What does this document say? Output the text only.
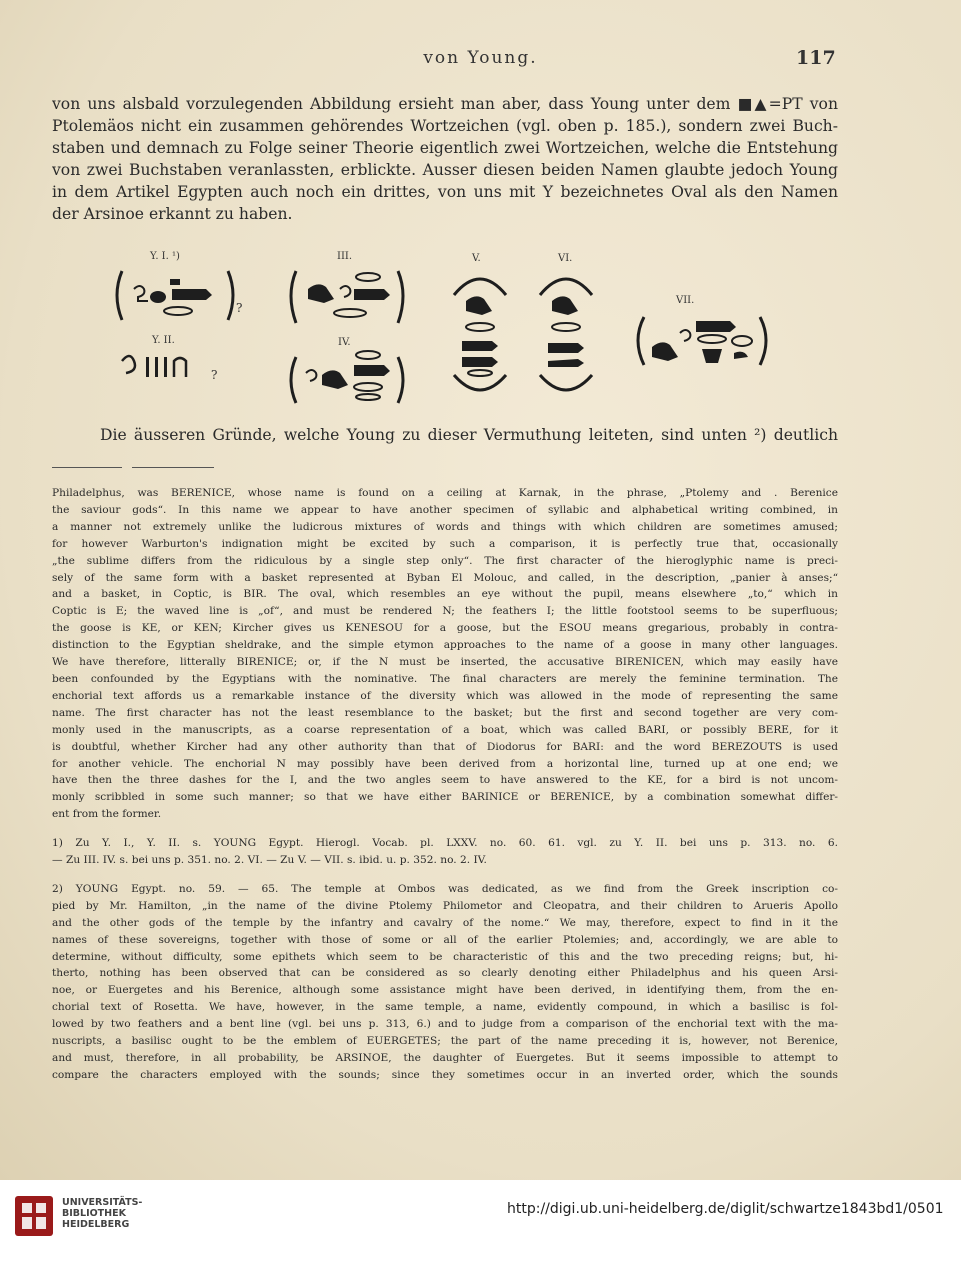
von Young.	117
von uns alsbald vorzulegenden Abbildung ersieht man aber, dass Young unter dem ■▲=PT von
Ptolemäos nicht ein zusammen gehörendes Wortzeichen (vgl. oben p. 185.), sondern zwei Buch-
staben und demnach zu Folge seiner Theorie eigentlich zwei Wortzeichen, welche die Entstehung
von zwei Buchstaben veranlassten, erblickte. Ausser diesen beiden Namen glaubte jedoch Young
in dem Artikel Egypten auch noch ein drittes, von uns mit Y bezeichnetes Oval als den Namen
der Arsinoe erkannt zu haben.
Y. I. ¹)
Y. II.
III.
IV.
V.	VI.
VII.
?
?
Die äusseren Gründe, welche Young zu dieser Vermuthung leiteten, sind unten ²) deutlich
Philadelphus, was BERENICE, whose name is found on a ceiling at Karnak, in the phrase, „Ptolemy and . Berenice
the saviour gods“. In this name we appear to have another specimen of syllabic and alphabetical writing combined, in
a manner not extremely unlike the ludicrous mixtures of words and things with which children are sometimes amused;
for however Warburton's indignation might be excited by such a comparison, it is perfectly true that, occasionally
„the sublime differs from the ridiculous by a single step only“. The first character of the hieroglyphic name is preci-
sely of the same form with a basket represented at Byban El Molouc, and called, in the description, „panier à anses;“
and a basket, in Coptic, is BIR. The oval, which resembles an eye without the pupil, means elsewhere „to,“ which in
Coptic is E; the waved line is „of“, and must be rendered N; the feathers I; the little footstool seems to be superfluous;
the goose is KE, or KEN; Kircher gives us KENESOU for a goose, but the ESOU means gregarious, probably in contra-
distinction to the Egyptian sheldrake, and the simple etymon approaches to the name of a goose in many other languages.
We have therefore, litterally BIRENICE; or, if the N must be inserted, the accusative BIRENICEN, which may easily have
been confounded by the Egyptians with the nominative. The final characters are merely the feminine termination. The
enchorial text affords us a remarkable instance of the diversity which was allowed in the mode of representing the same
name. The first character has not the least resemblance to the basket; but the first and second together are very com-
monly used in the manuscripts, as a coarse representation of a boat, which was called BARI, or possibly BERE, for it
is doubtful, whether Kircher had any other authority than that of Diodorus for BARI: and the word BEREZOUTS is used
for another vehicle. The enchorial N may possibly have been derived from a horizontal line, turned up at one end; we
have then the three dashes for the I, and the two angles seem to have answered to the KE, for a bird is not uncom-
monly scribbled in some such manner; so that we have either BARINICE or BERENICE, by a combination somewhat differ-
ent from the former.
1) Zu Y. I., Y. II. s. YOUNG Egypt. Hierogl. Vocab. pl. LXXV. no. 60. 61. vgl. zu Y. II. bei uns p. 313. no. 6.
— Zu III. IV. s. bei uns p. 351. no. 2. VI. — Zu V. — VII. s. ibid. u. p. 352. no. 2. IV.
2) YOUNG Egypt. no. 59. — 65. The temple at Ombos was dedicated, as we find from the Greek inscription co-
pied by Mr. Hamilton, „in the name of the divine Ptolemy Philometor and Cleopatra, and their children to Arueris Apollo
and the other gods of the temple by the infantry and cavalry of the nome.“ We may, therefore, expect to find in it the
names of these sovereigns, together with those of some or all of the earlier Ptolemies; and, accordingly, we are able to
determine, without difficulty, some epithets which seem to be characteristic of this and the two preceding reigns; but, hi-
therto, nothing has been observed that can be considered as so clearly denoting either Philadelphus and his queen Arsi-
noe, or Euergetes and his Berenice, although some assistance might have been derived, in identifying them, from the en-
chorial text of Rosetta. We have, however, in the same temple, a name, evidently compound, in which a basilisc is fol-
lowed by two feathers and a bent line (vgl. bei uns p. 313, 6.) and to judge from a comparison of the enchorial text with the ma-
nuscripts, a basilisc ought to be the emblem of EUERGETES; the part of the name preceding it is, however, not Berenice,
and must, therefore, in all probability, be ARSINOE, the daughter of Euergetes. But it seems impossible to attempt to
compare the characters employed with the sounds; since they sometimes occur in an inverted order, which the sounds
UNIVERSITÄTS-
BIBLIOTHEK
HEIDELBERG
http://digi.ub.uni-heidelberg.de/diglit/schwartze1843bd1/0501
